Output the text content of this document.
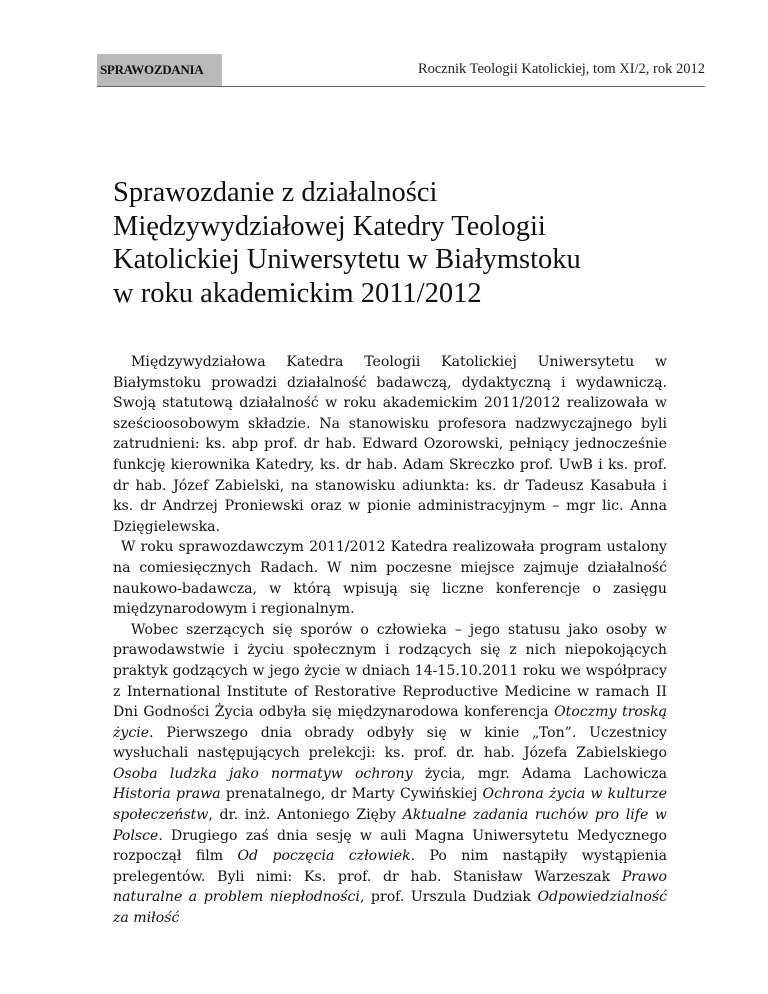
SPRAWOZDANIA	Rocznik Teologii Katolickiej, tom XI/2, rok 2012
Sprawozdanie z działalności
Międzywydziałowej Katedry Teologii
Katolickiej Uniwersytetu w Białymstoku
w roku akademickim 2011/2012

Międzywydziałowa Katedra Teologii Katolickiej Uniwersytetu w Białymstoku prowadzi działalność badawczą, dydaktyczną i wydawniczą. Swoją statutową działalność w roku akademickim 2011/2012 realizowała w sześcioosobowym składzie. Na stanowisku profesora nadzwyczajnego byli zatrudnieni: ks. abp prof. dr hab. Edward Ozorowski, pełniący jednocześnie funkcję kierownika Katedry, ks. dr hab. Adam Skreczko prof. UwB i ks. prof. dr hab. Józef Zabielski, na stanowisku adiunkta: ks. dr Tadeusz Kasabuła i ks. dr Andrzej Proniewski oraz w pionie administracyjnym – mgr lic. Anna Dzięgielewska.

W roku sprawozdawczym 2011/2012 Katedra realizowała program ustalony na comiesięcznych Radach. W nim poczesne miejsce zajmuje działalność naukowo-badawcza, w którą wpisują się liczne konferencje o zasięgu międzynarodowym i regionalnym.

Wobec szerzących się sporów o człowieka – jego statusu jako osoby w prawodawstwie i życiu społecznym i rodzących się z nich niepokojących praktyk godzących w jego życie w dniach 14-15.10.2011 roku we współpracy z International Institute of Restorative Reproductive Medicine w ramach II Dni Godności Życia odbyła się międzynarodowa konferencja Otoczmy troską życie. Pierwszego dnia obrady odbyły się w kinie „Ton”. Uczestnicy wysłuchali następujących prelekcji: ks. prof. dr. hab. Józefa Zabielskiego Osoba ludzka jako normatyw ochrony życia, mgr. Adama Lachowicza Historia prawa prenatalnego, dr Marty Cywińskiej Ochrona życia w kulturze społeczeństw, dr. inż. Antoniego Zięby Aktualne zadania ruchów pro life w Polsce. Drugiego zaś dnia sesję w auli Magna Uniwersytetu Medycznego rozpoczął film Od poczęcia człowiek. Po nim nastąpiły wystąpienia prelegentów. Byli nimi: Ks. prof. dr hab. Stanisław Warzeszak Prawo naturalne a problem niepłodności, prof. Urszula Dudziak Odpowiedzialność za miłość
